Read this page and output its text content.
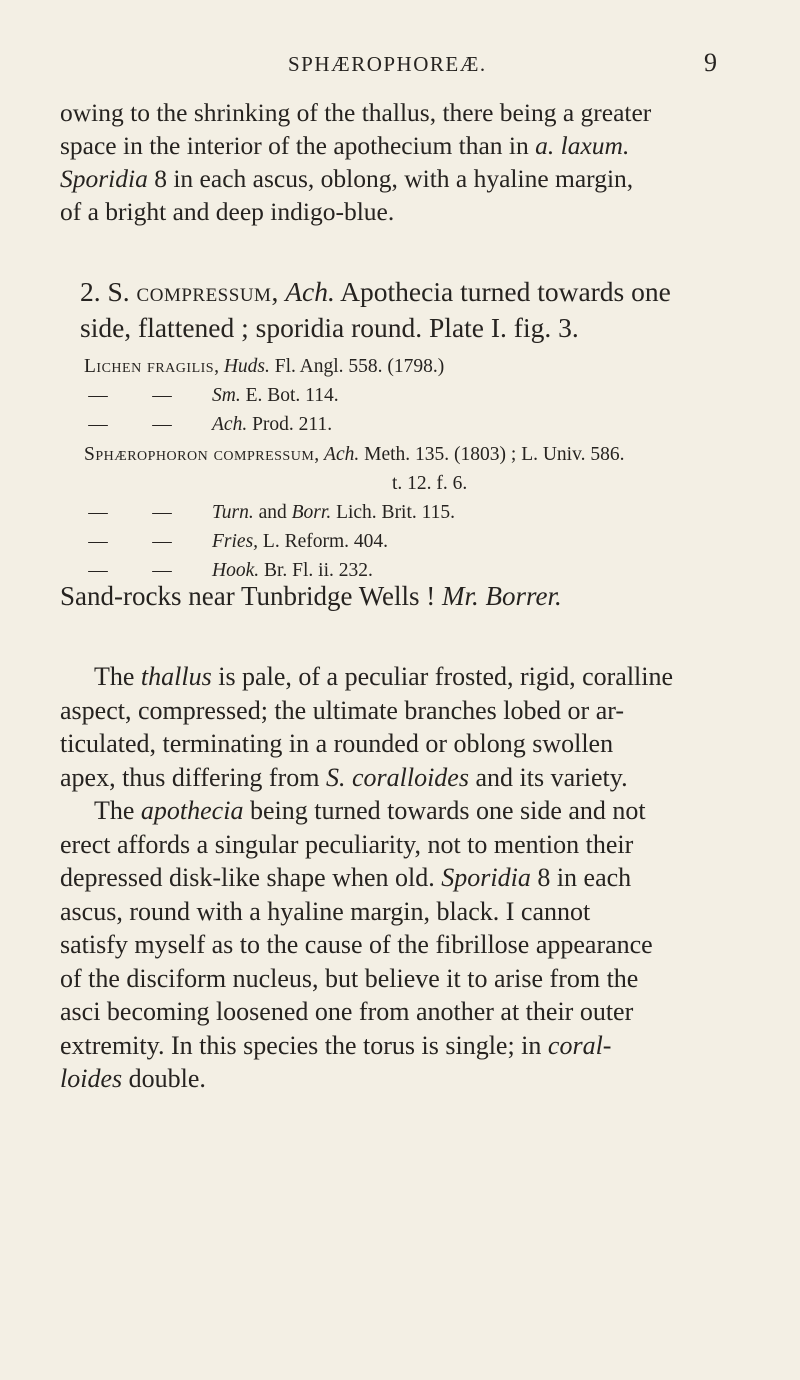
SPHÆROPHOREÆ.	9
owing to the shrinking of the thallus, there being a greater
space in the interior of the apothecium than in a. laxum.
Sporidia 8 in each ascus, oblong, with a hyaline margin,
of a bright and deep indigo-blue.
2. S. compressum, Ach. Apothecia turned towards one
side, flattened ; sporidia round. Plate I. fig. 3.
Lichen fragilis, Huds. Fl. Angl. 558. (1798.)
— — Sm. E. Bot. 114.
— — Ach. Prod. 211.
Sphærophoron compressum, Ach. Meth. 135. (1803) ; L. Univ. 586.
t. 12. f. 6.
— — Turn. and Borr. Lich. Brit. 115.
— — Fries, L. Reform. 404.
— — Hook. Br. Fl. ii. 232.
Sand-rocks near Tunbridge Wells ! Mr. Borrer.
The thallus is pale, of a peculiar frosted, rigid, coralline
aspect, compressed; the ultimate branches lobed or ar-
ticulated, terminating in a rounded or oblong swollen
apex, thus differing from S. coralloides and its variety.
The apothecia being turned towards one side and not
erect affords a singular peculiarity, not to mention their
depressed disk-like shape when old. Sporidia 8 in each
ascus, round with a hyaline margin, black. I cannot
satisfy myself as to the cause of the fibrillose appearance
of the disciform nucleus, but believe it to arise from the
asci becoming loosened one from another at their outer
extremity. In this species the torus is single; in coral-
loides double.
